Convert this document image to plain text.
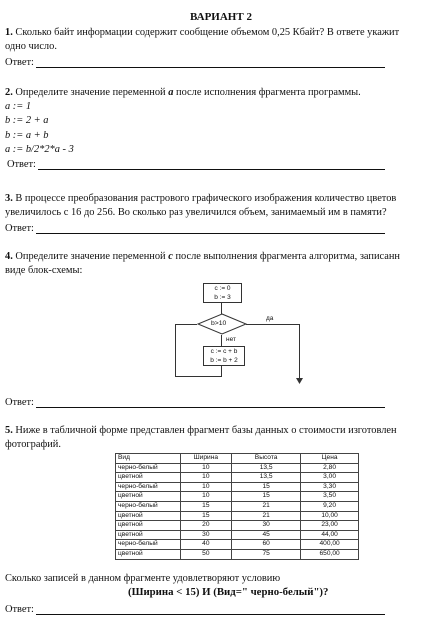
ВАРИАНТ 2
1. Сколько байт информации содержит сообщение объемом 0,25 Кбайт? В ответе укажит
одно число.
Ответ:
2. Определите значение переменной a после исполнения фрагмента программы.
a := 1
b := 2 + a
b := a + b
a := b/2*2*a - 3
Ответ:
3. В процессе преобразования растрового графического изображения количество цветов
увеличилось с 16 до 256. Во сколько раз увеличился объем, занимаемый им в памяти?
Ответ:
4. Определите значение переменной c после выполнения фрагмента алгоритма, записанн
виде блок-схемы:
c := 0
b := 3
b>10
да
нет
c := c + b
b := b + 2
Ответ:
5. Ниже в табличной форме представлен фрагмент базы данных о стоимости изготовлен
фотографий.
Вид	Ширина	Высота	Цена
черно-белый	10	13,5	2,80
цветной	10	13,5	3,00
черно-белый	10	15	3,30
цветной	10	15	3,50
черно-белый	15	21	9,20
цветной	15	21	10,00
цветной	20	30	23,00
цветной	30	45	44,00
черно-белый	40	60	400,00
цветной	50	75	650,00
Сколько записей в данном фрагменте удовлетворяют условию
(Ширина < 15) И (Вид=" черно-белый")?
Ответ:
